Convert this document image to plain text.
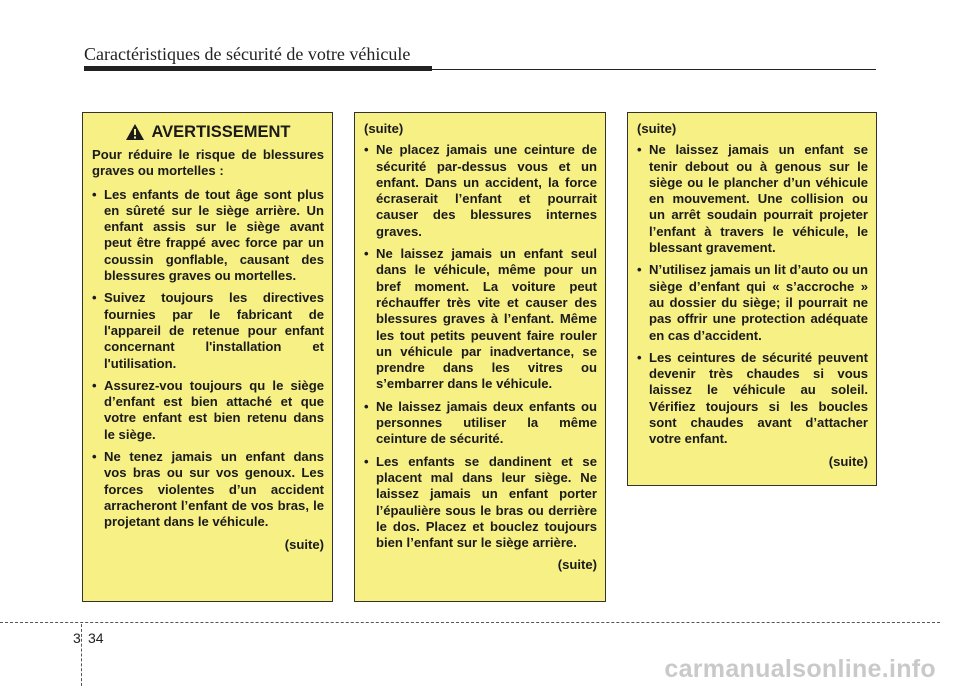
Caractéristiques de sécurité de votre véhicule
AVERTISSEMENT
Pour réduire le risque de blessures graves ou mortelles :
• Les enfants de tout âge sont plus en sûreté sur le siège arrière. Un enfant assis sur le siège avant peut être frappé avec force par un coussin gonflable, causant des blessures graves ou mortelles.
• Suivez toujours les directives fournies par le fabricant de l'appareil de retenue pour enfant concernant l'installation et l'utilisation.
• Assurez-vou toujours qu le siège d’enfant est bien attaché et que votre enfant est bien retenu dans le siège.
• Ne tenez jamais un enfant dans vos bras ou sur vos genoux. Les forces violentes d’un accident arracheront l’enfant de vos bras, le projetant dans le véhicule.
(suite)
(suite)
• Ne placez jamais une ceinture de sécurité par-dessus vous et un enfant. Dans un accident, la force écraserait l’enfant et pourrait causer des blessures internes graves.
• Ne laissez jamais un enfant seul dans le véhicule, même pour un bref moment. La voiture peut réchauffer très vite et causer des blessures graves à l’enfant. Même les tout petits peuvent faire rouler un véhicule par inadvertance, se prendre dans les vitres ou s’embarrer dans le véhicule.
• Ne laissez jamais deux enfants ou personnes utiliser la même ceinture de sécurité.
• Les enfants se dandinent et se placent mal dans leur siège. Ne laissez jamais un enfant porter l’épaulière sous le bras ou derrière le dos. Placez et bouclez toujours bien l’enfant sur le siège arrière.
(suite)
(suite)
• Ne laissez jamais un enfant se tenir debout ou à genous sur le siège ou le plancher d’un véhicule en mouvement. Une collision ou un arrêt soudain pourrait projeter l’enfant à travers le véhicule, le blessant gravement.
• N’utilisez jamais un lit d’auto ou un siège d’enfant qui « s’accroche » au dossier du siège; il pourrait ne pas offrir une protection adéquate en cas d’accident.
• Les ceintures de sécurité peuvent devenir très chaudes si vous laissez le véhicule au soleil. Vérifiez toujours si les boucles sont chaudes avant d’attacher votre enfant.
(suite)
3 34
carmanualsonline.info
